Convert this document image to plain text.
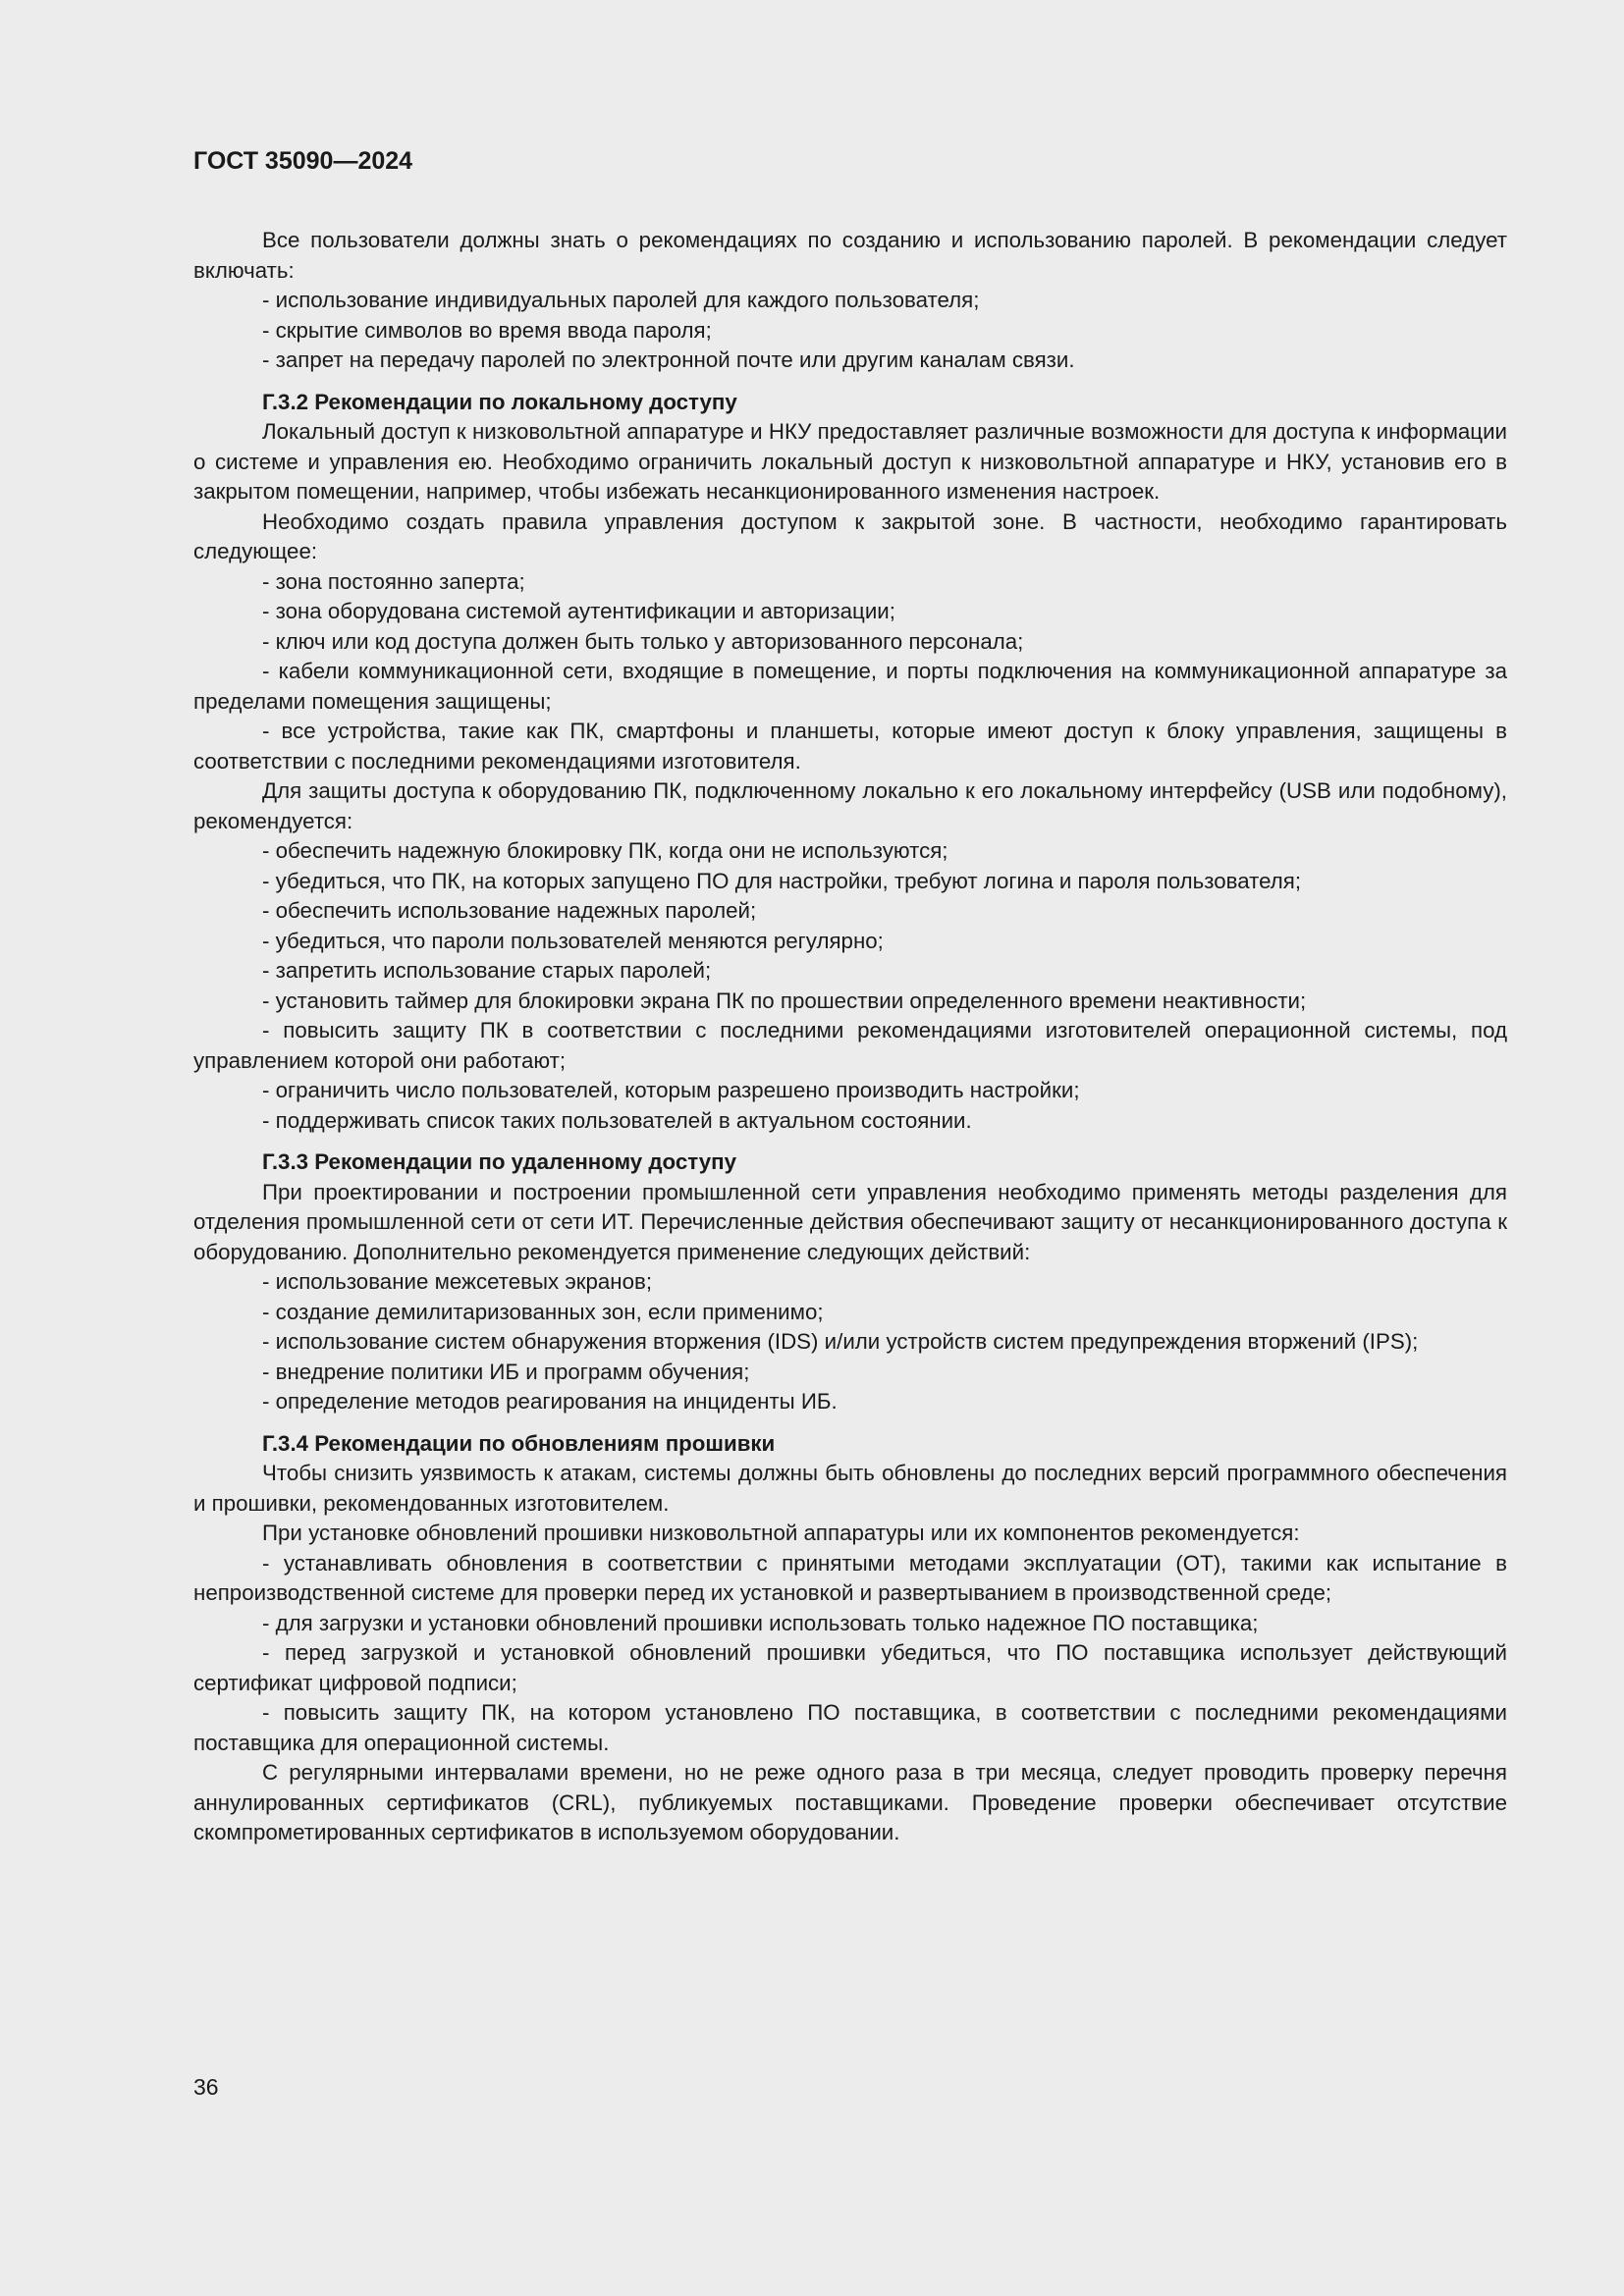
ГОСТ 35090—2024

Все пользователи должны знать о рекомендациях по созданию и использованию паролей. В рекомендации следует включать:

- использование индивидуальных паролей для каждого пользователя;

- скрытие символов во время ввода пароля;

- запрет на передачу паролей по электронной почте или другим каналам связи.

Г.3.2 Рекомендации по локальному доступу

Локальный доступ к низковольтной аппаратуре и НКУ предоставляет различные возможности для доступа к информации о системе и управления ею. Необходимо ограничить локальный доступ к низковольтной аппаратуре и НКУ, установив его в закрытом помещении, например, чтобы избежать несанкционированного изменения настроек.

Необходимо создать правила управления доступом к закрытой зоне. В частности, необходимо гарантировать следующее:

- зона постоянно заперта;

- зона оборудована системой аутентификации и авторизации;

- ключ или код доступа должен быть только у авторизованного персонала;

- кабели коммуникационной сети, входящие в помещение, и порты подключения на коммуникационной аппаратуре за пределами помещения защищены;

- все устройства, такие как ПК, смартфоны и планшеты, которые имеют доступ к блоку управления, защищены в соответствии с последними рекомендациями изготовителя.

Для защиты доступа к оборудованию ПК, подключенному локально к его локальному интерфейсу (USB или подобному), рекомендуется:

- обеспечить надежную блокировку ПК, когда они не используются;

- убедиться, что ПК, на которых запущено ПО для настройки, требуют логина и пароля пользователя;

- обеспечить использование надежных паролей;

- убедиться, что пароли пользователей меняются регулярно;

- запретить использование старых паролей;

- установить таймер для блокировки экрана ПК по прошествии определенного времени неактивности;

- повысить защиту ПК в соответствии с последними рекомендациями изготовителей операционной системы, под управлением которой они работают;

- ограничить число пользователей, которым разрешено производить настройки;

- поддерживать список таких пользователей в актуальном состоянии.

Г.3.3 Рекомендации по удаленному доступу

При проектировании и построении промышленной сети управления необходимо применять методы разделения для отделения промышленной сети от сети ИТ. Перечисленные действия обеспечивают защиту от несанкционированного доступа к оборудованию. Дополнительно рекомендуется применение следующих действий:

- использование межсетевых экранов;

- создание демилитаризованных зон, если применимо;

- использование систем обнаружения вторжения (IDS) и/или устройств систем предупреждения вторжений (IPS);

- внедрение политики ИБ и программ обучения;

- определение методов реагирования на инциденты ИБ.

Г.3.4 Рекомендации по обновлениям прошивки

Чтобы снизить уязвимость к атакам, системы должны быть обновлены до последних версий программного обеспечения и прошивки, рекомендованных изготовителем.

При установке обновлений прошивки низковольтной аппаратуры или их компонентов рекомендуется:

- устанавливать обновления в соответствии с принятыми методами эксплуатации (ОТ), такими как испытание в непроизводственной системе для проверки перед их установкой и развертыванием в производственной среде;

- для загрузки и установки обновлений прошивки использовать только надежное ПО поставщика;

- перед загрузкой и установкой обновлений прошивки убедиться, что ПО поставщика использует действующий сертификат цифровой подписи;

- повысить защиту ПК, на котором установлено ПО поставщика, в соответствии с последними рекомендациями поставщика для операционной системы.

С регулярными интервалами времени, но не реже одного раза в три месяца, следует проводить проверку перечня аннулированных сертификатов (CRL), публикуемых поставщиками. Проведение проверки обеспечивает отсутствие скомпрометированных сертификатов в используемом оборудовании.

36
